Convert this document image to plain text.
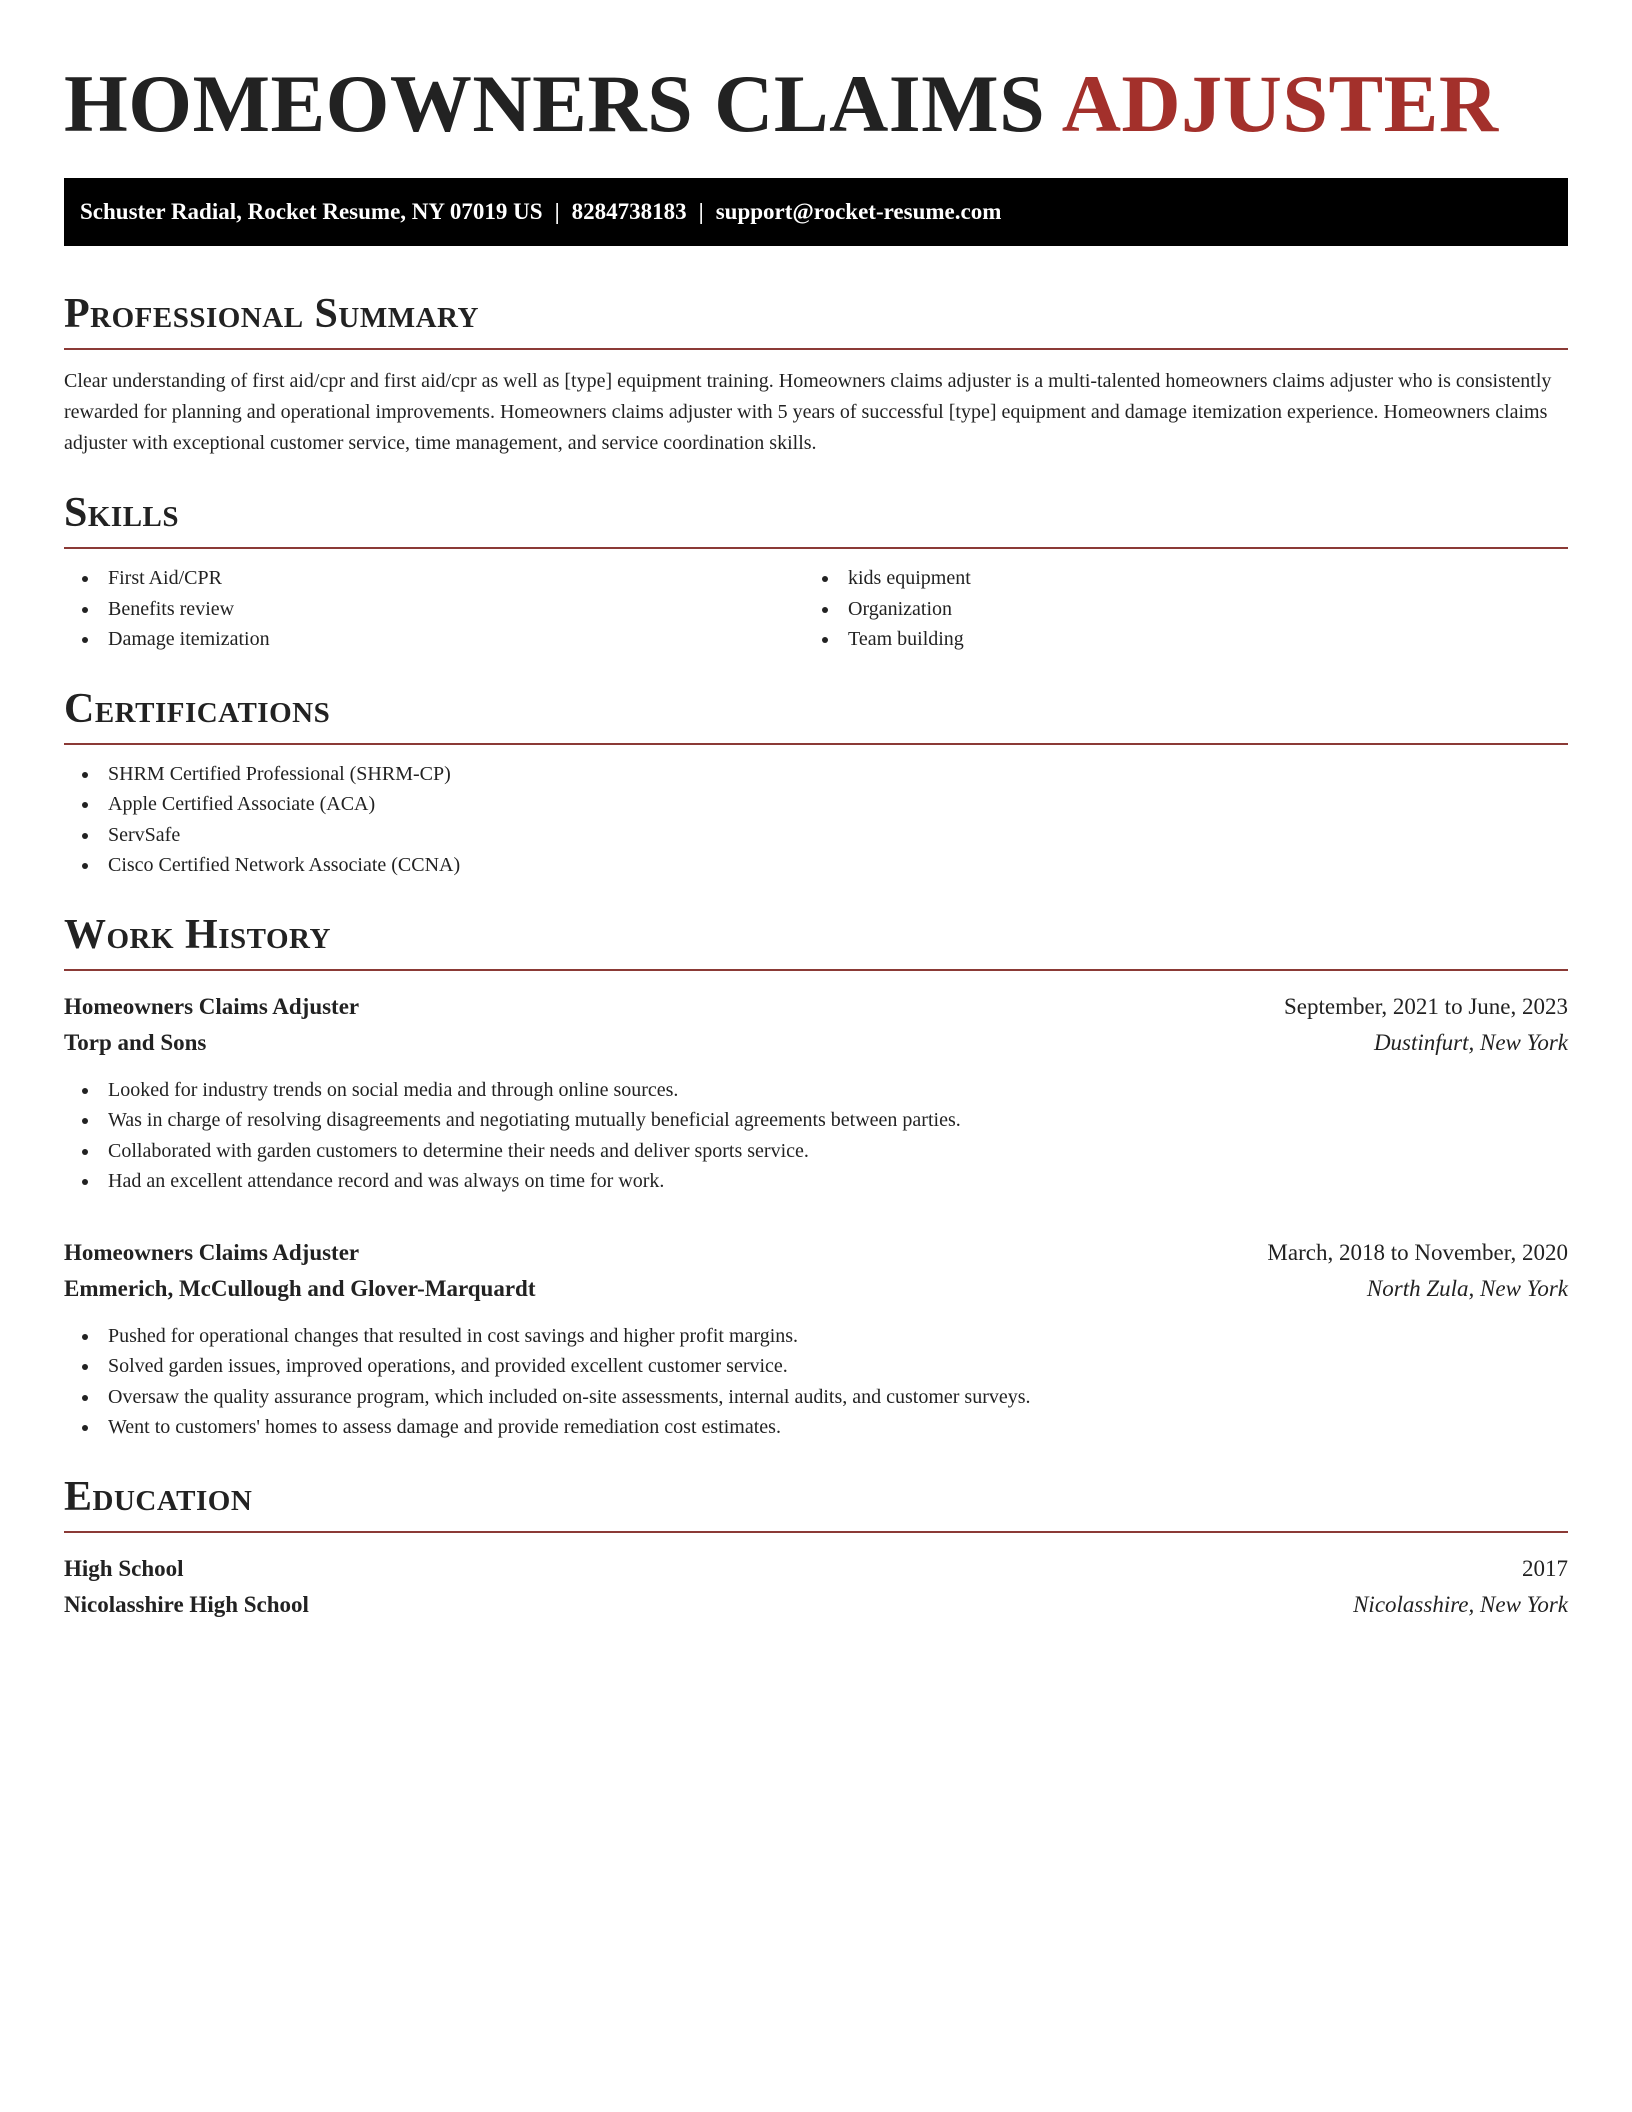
HOMEOWNERS CLAIMS ADJUSTER
Schuster Radial, Rocket Resume, NY 07019 US | 8284738183 | support@rocket-resume.com
Professional Summary

Clear understanding of first aid/cpr and first aid/cpr as well as [type] equipment training. Homeowners claims adjuster is a multi-talented homeowners claims adjuster who is consistently rewarded for planning and operational improvements. Homeowners claims adjuster with 5 years of successful [type] equipment and damage itemization experience. Homeowners claims adjuster with exceptional customer service, time management, and service coordination skills.

Skills
First Aid/CPR
Benefits review
Damage itemization
kids equipment
Organization
Team building
Certifications
SHRM Certified Professional (SHRM-CP)
Apple Certified Associate (ACA)
ServSafe
Cisco Certified Network Associate (CCNA)
Work History
Homeowners Claims Adjuster	September, 2021 to June, 2023
Torp and Sons	Dustinfurt, New York
Looked for industry trends on social media and through online sources.
Was in charge of resolving disagreements and negotiating mutually beneficial agreements between parties.
Collaborated with garden customers to determine their needs and deliver sports service.
Had an excellent attendance record and was always on time for work.
Homeowners Claims Adjuster	March, 2018 to November, 2020
Emmerich, McCullough and Glover-Marquardt	North Zula, New York
Pushed for operational changes that resulted in cost savings and higher profit margins.
Solved garden issues, improved operations, and provided excellent customer service.
Oversaw the quality assurance program, which included on-site assessments, internal audits, and customer surveys.
Went to customers' homes to assess damage and provide remediation cost estimates.
Education
High School	2017
Nicolasshire High School	Nicolasshire, New York
